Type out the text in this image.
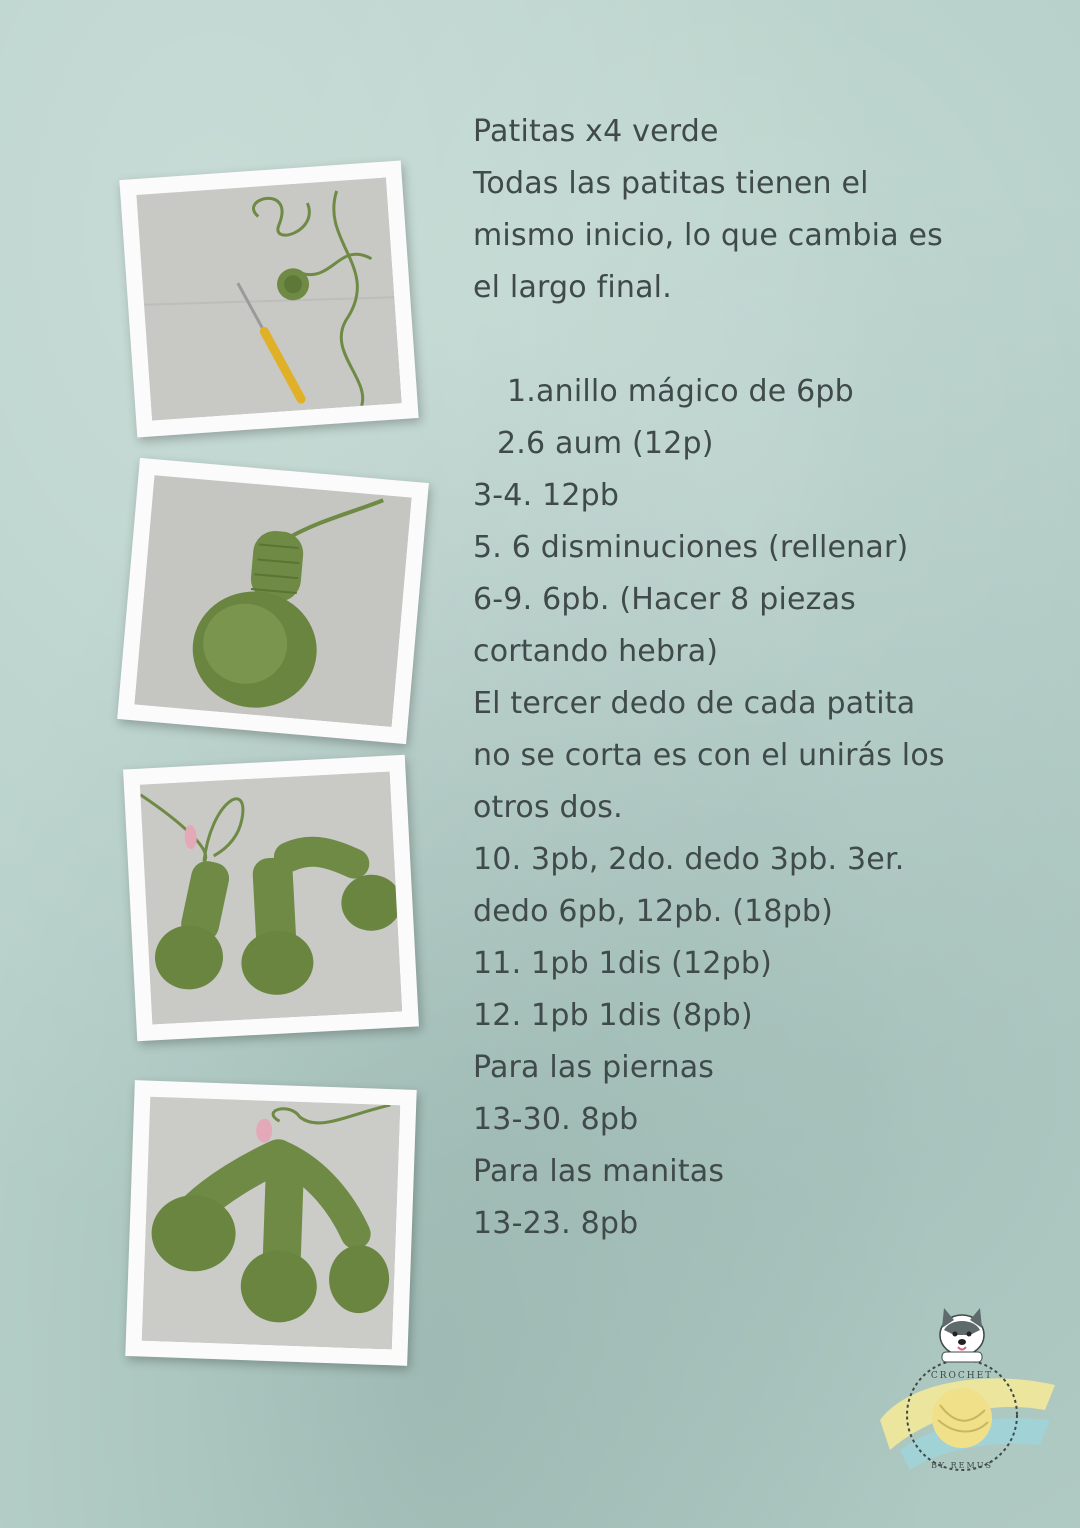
Patitas x4 verde
Todas las patitas tienen el
mismo inicio, lo que cambia es
el largo final.
1.anillo mágico de 6pb
2.6 aum (12p)
3-4. 12pb
5. 6 disminuciones (rellenar)
6-9. 6pb. (Hacer 8 piezas
cortando hebra)
El tercer dedo de cada patita
no se corta es con el unirás los
otros dos.
10. 3pb, 2do. dedo 3pb. 3er.
dedo 6pb, 12pb. (18pb)
11. 1pb 1dis (12pb)
12. 1pb 1dis (8pb)
Para las piernas
13-30. 8pb
Para las manitas
13-23. 8pb
CROCHET
BY REMUS
